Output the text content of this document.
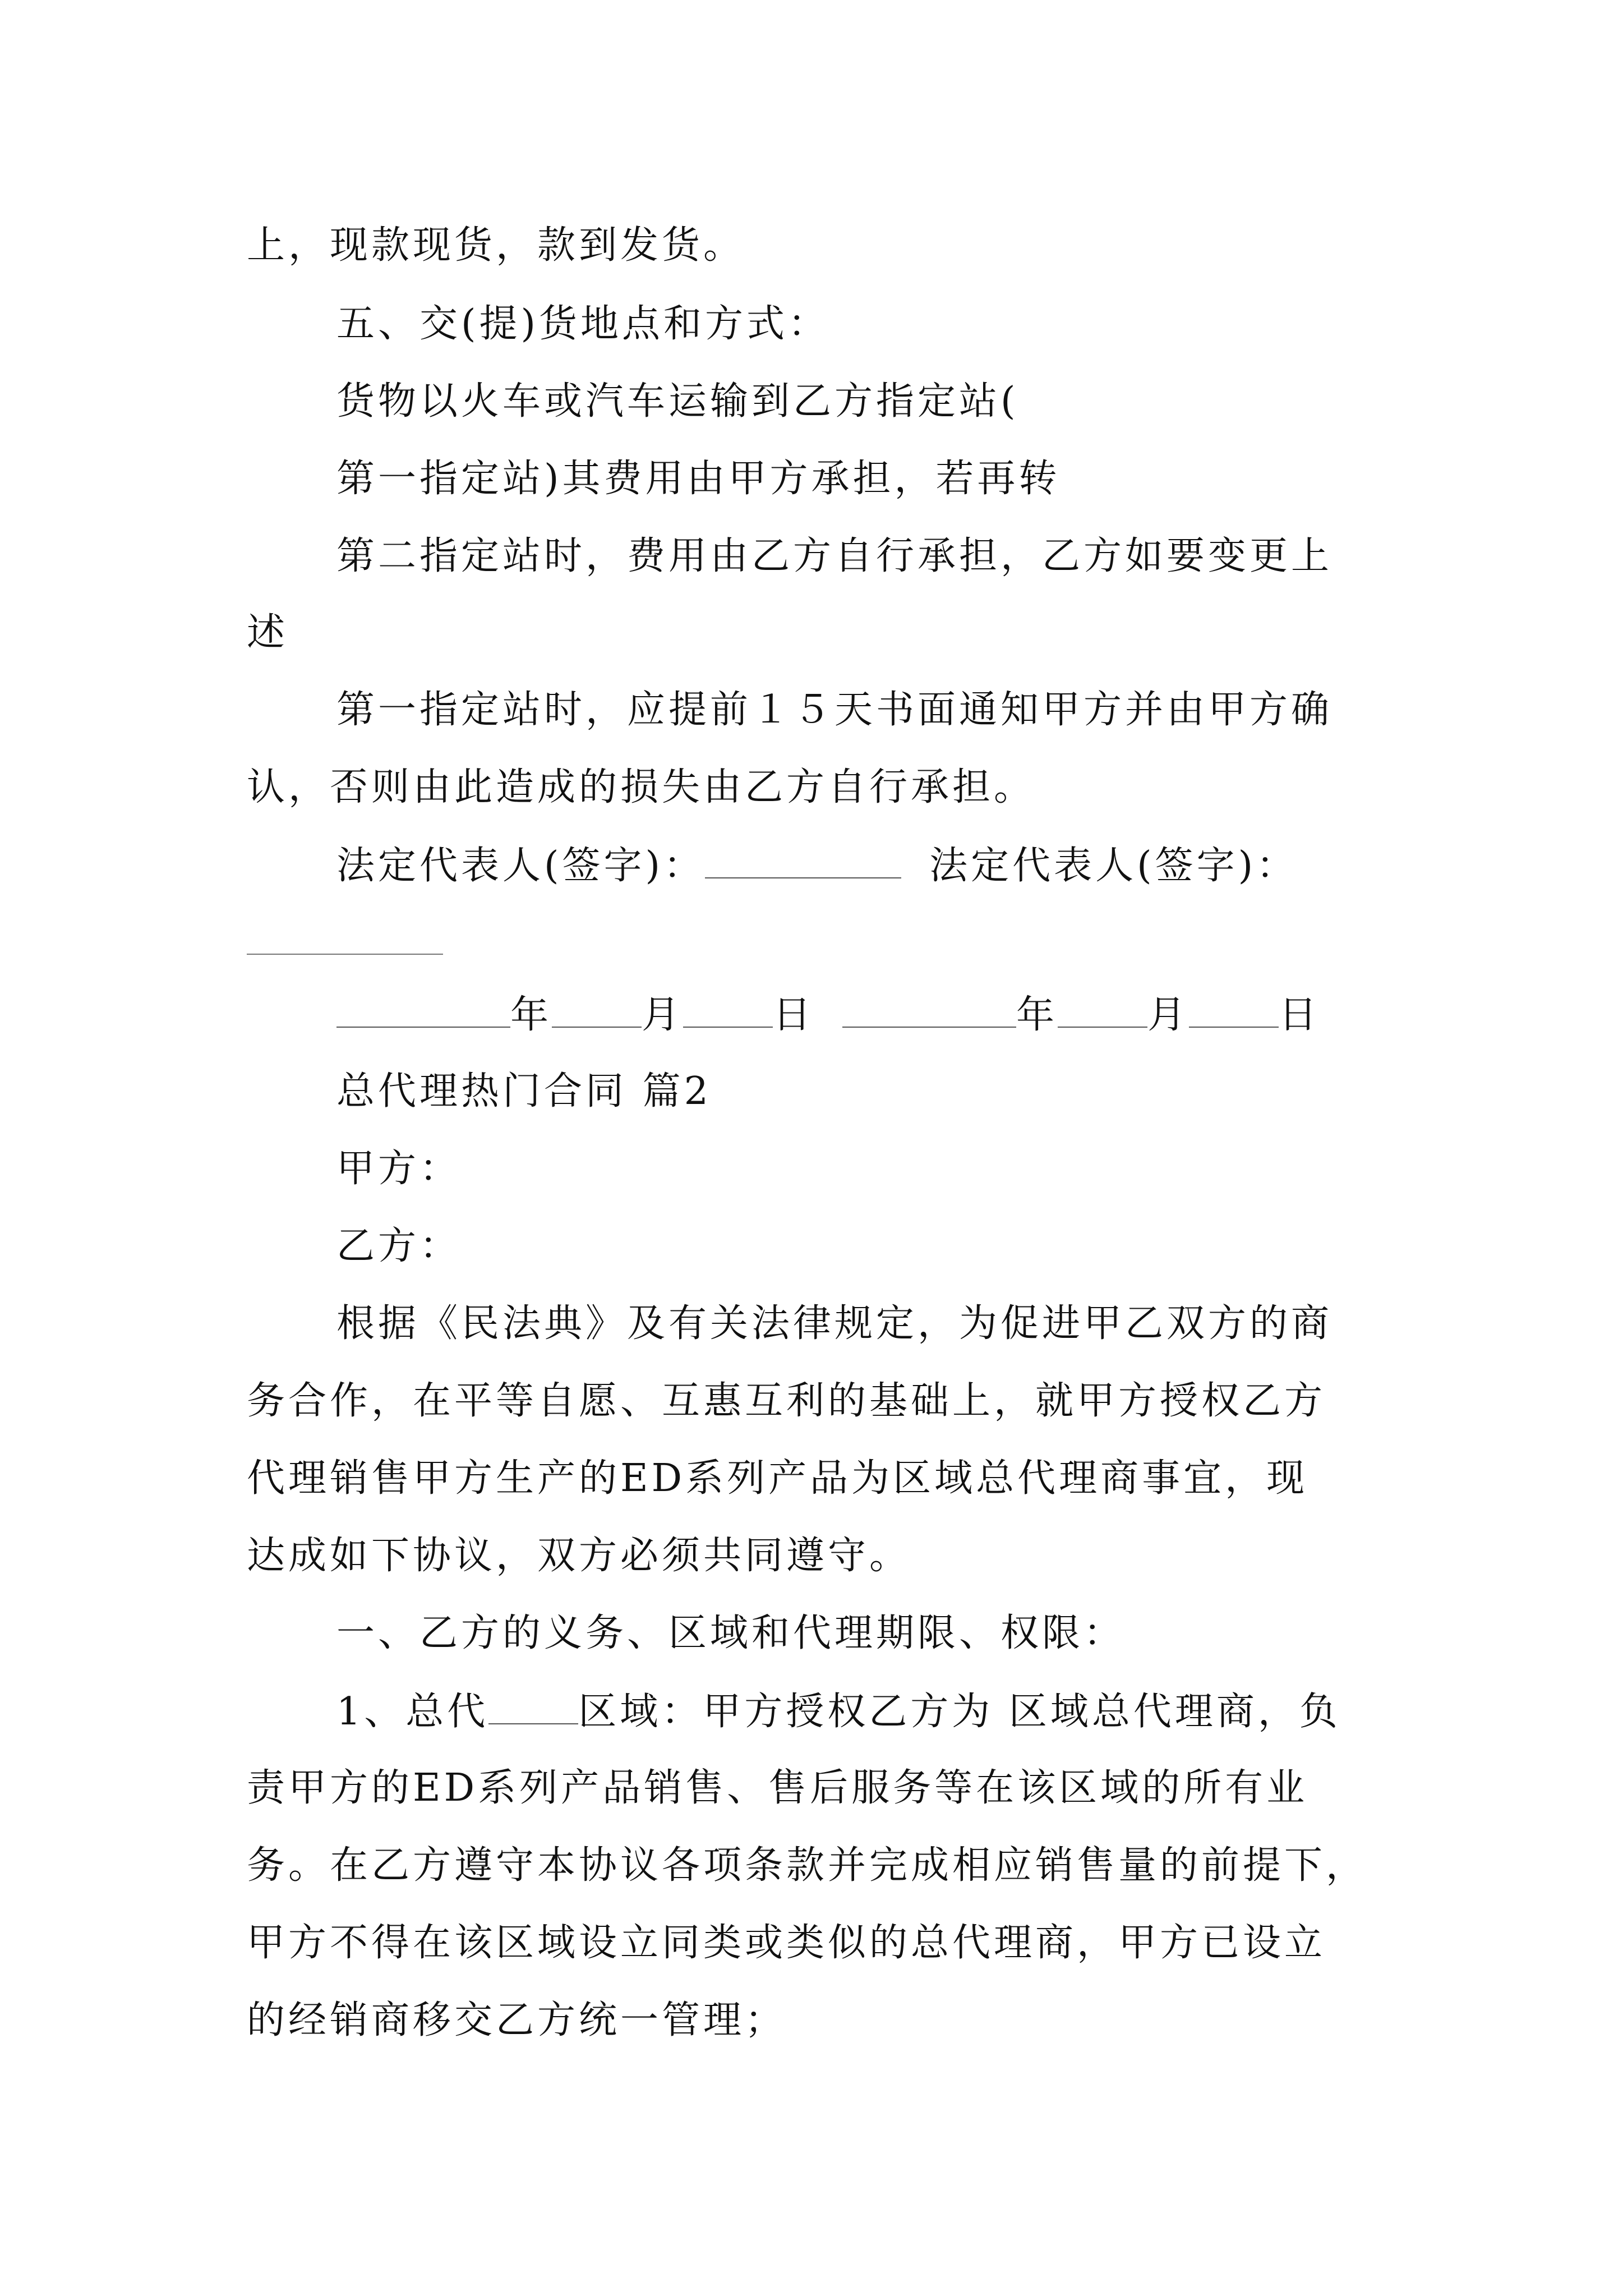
上，现款现货，款到发货。
五、交(提)货地点和方式：
货物以火车或汽车运输到乙方指定站(
第一指定站)其费用由甲方承担，若再转
第二指定站时，费用由乙方自行承担，乙方如要变更上
述
第一指定站时，应提前１５天书面通知甲方并由甲方确
认，否则由此造成的损失由乙方自行承担。
法定代表人(签字)：	法定代表人(签字)：
年 月 日	年 月 日
总代理热门合同 篇2
甲方：
乙方：
根据《民法典》及有关法律规定，为促进甲乙双方的商
务合作，在平等自愿、互惠互利的基础上，就甲方授权乙方
代理销售甲方生产的ED系列产品为区域总代理商事宜，现
达成如下协议，双方必须共同遵守。
一、乙方的义务、区域和代理期限、权限：
1、总代 区域：甲方授权乙方为 区域总代理商，负
责甲方的ED系列产品销售、售后服务等在该区域的所有业
务。在乙方遵守本协议各项条款并完成相应销售量的前提下，
甲方不得在该区域设立同类或类似的总代理商，甲方已设立
的经销商移交乙方统一管理；
